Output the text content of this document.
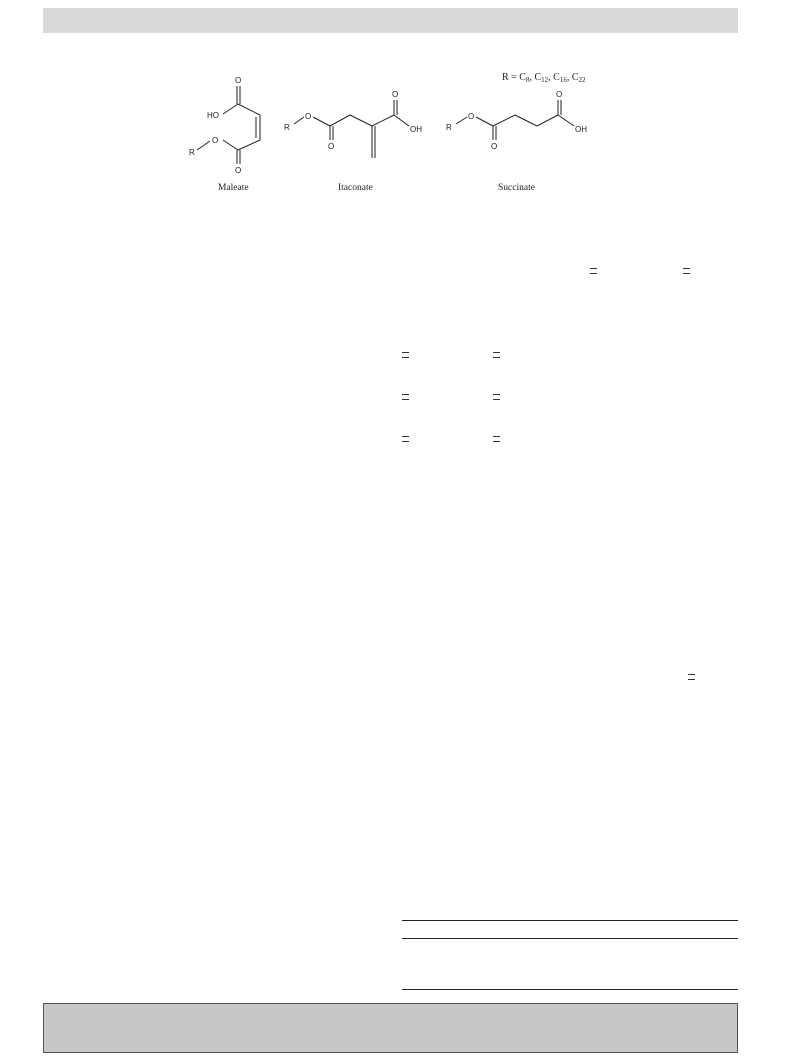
$R = C_8$, $C_{12}$, $C_{16}$, $C_{22}$
O
HO
O
R
O
Maleate
R
O
O
O
OH
Itaconate
R
O
O
O
OH
Succinate
